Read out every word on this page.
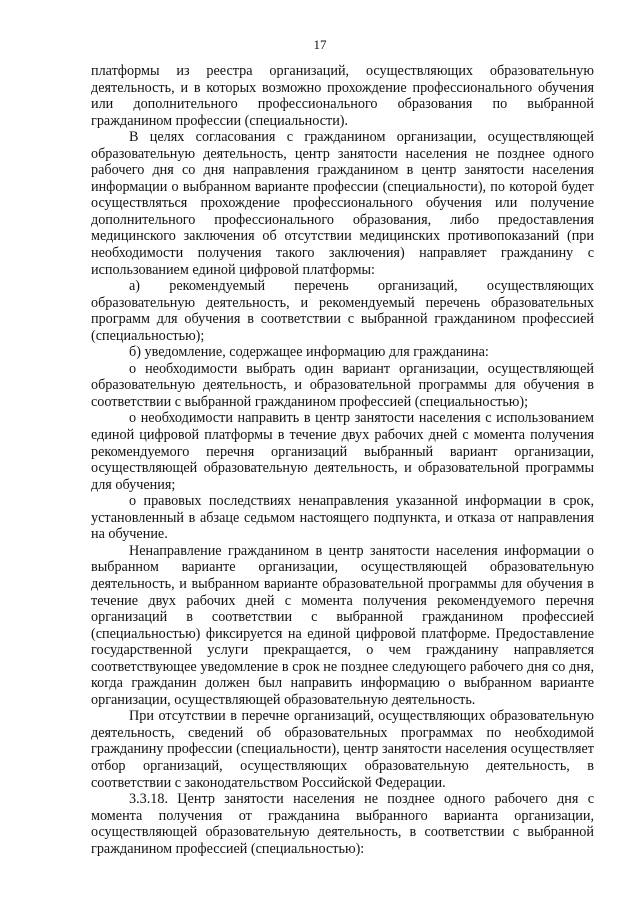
17

платформы из реестра организаций, осуществляющих образовательную деятельность, и в которых возможно прохождение профессионального обучения или дополнительного профессионального образования по выбранной гражданином профессии (специальности).

В целях согласования с гражданином организации, осуществляющей образовательную деятельность, центр занятости населения не позднее одного рабочего дня со дня направления гражданином в центр занятости населения информации о выбранном варианте профессии (специальности), по которой будет осуществляться прохождение профессионального обучения или получение дополнительного профессионального образования, либо предоставления медицинского заключения об отсутствии медицинских противопоказаний (при необходимости получения такого заключения) направляет гражданину с использованием единой цифровой платформы:

а) рекомендуемый перечень организаций, осуществляющих образовательную деятельность, и рекомендуемый перечень образовательных программ для обучения в соответствии с выбранной гражданином профессией (специальностью);

б) уведомление, содержащее информацию для гражданина:

о необходимости выбрать один вариант организации, осуществляющей образовательную деятельность, и образовательной программы для обучения в соответствии с выбранной гражданином профессией (специальностью);

о необходимости направить в центр занятости населения с использованием единой цифровой платформы в течение двух рабочих дней с момента получения рекомендуемого перечня организаций выбранный вариант организации, осуществляющей образовательную деятельность, и образовательной программы для обучения;

о правовых последствиях ненаправления указанной информации в срок, установленный в абзаце седьмом настоящего подпункта, и отказа от направления на обучение.

Ненаправление гражданином в центр занятости населения информации о выбранном варианте организации, осуществляющей образовательную деятельность, и выбранном варианте образовательной программы для обучения в течение двух рабочих дней с момента получения рекомендуемого перечня организаций в соответствии с выбранной гражданином профессией (специальностью) фиксируется на единой цифровой платформе. Предоставление государственной услуги прекращается, о чем гражданину направляется соответствующее уведомление в срок не позднее следующего рабочего дня со дня, когда гражданин должен был направить информацию о выбранном варианте организации, осуществляющей образовательную деятельность.

При отсутствии в перечне организаций, осуществляющих образовательную деятельность, сведений об образовательных программах по необходимой гражданину профессии (специальности), центр занятости населения осуществляет отбор организаций, осуществляющих образовательную деятельность, в соответствии с законодательством Российской Федерации.

3.3.18. Центр занятости населения не позднее одного рабочего дня с момента получения от гражданина выбранного варианта организации, осуществляющей образовательную деятельность, в соответствии с выбранной гражданином профессией (специальностью):
